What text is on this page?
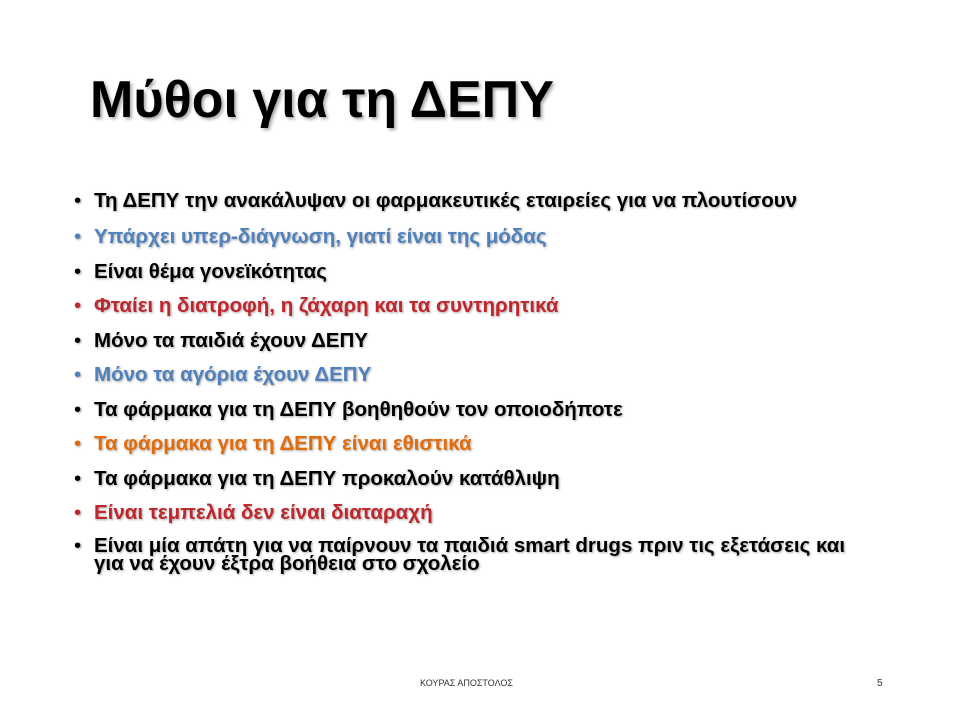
Μύθοι για τη ΔΕΠΥ
• Τη ΔΕΠΥ την ανακάλυψαν οι φαρμακευτικές εταιρείες για να πλουτίσουν
• Υπάρχει υπερ-διάγνωση, γιατί είναι της μόδας
• Είναι θέμα γονεϊκότητας
• Φταίει η διατροφή, η ζάχαρη και τα συντηρητικά
• Μόνο τα παιδιά έχουν ΔΕΠΥ
• Μόνο τα αγόρια έχουν ΔΕΠΥ
• Τα φάρμακα για τη ΔΕΠΥ βοηθηθούν τον οποιοδήποτε
• Τα φάρμακα για τη ΔΕΠΥ είναι εθιστικά
• Τα φάρμακα για τη ΔΕΠΥ προκαλούν κατάθλιψη
• Είναι τεμπελιά δεν είναι διαταραχή
• Είναι μία απάτη για να παίρνουν τα παιδιά smart drugs πριν τις εξετάσεις και για να έχουν έξτρα βοήθεια στο σχολείο
ΚΟΥΡΑΣ ΑΠΟΣΤΟΛΟΣ	5
